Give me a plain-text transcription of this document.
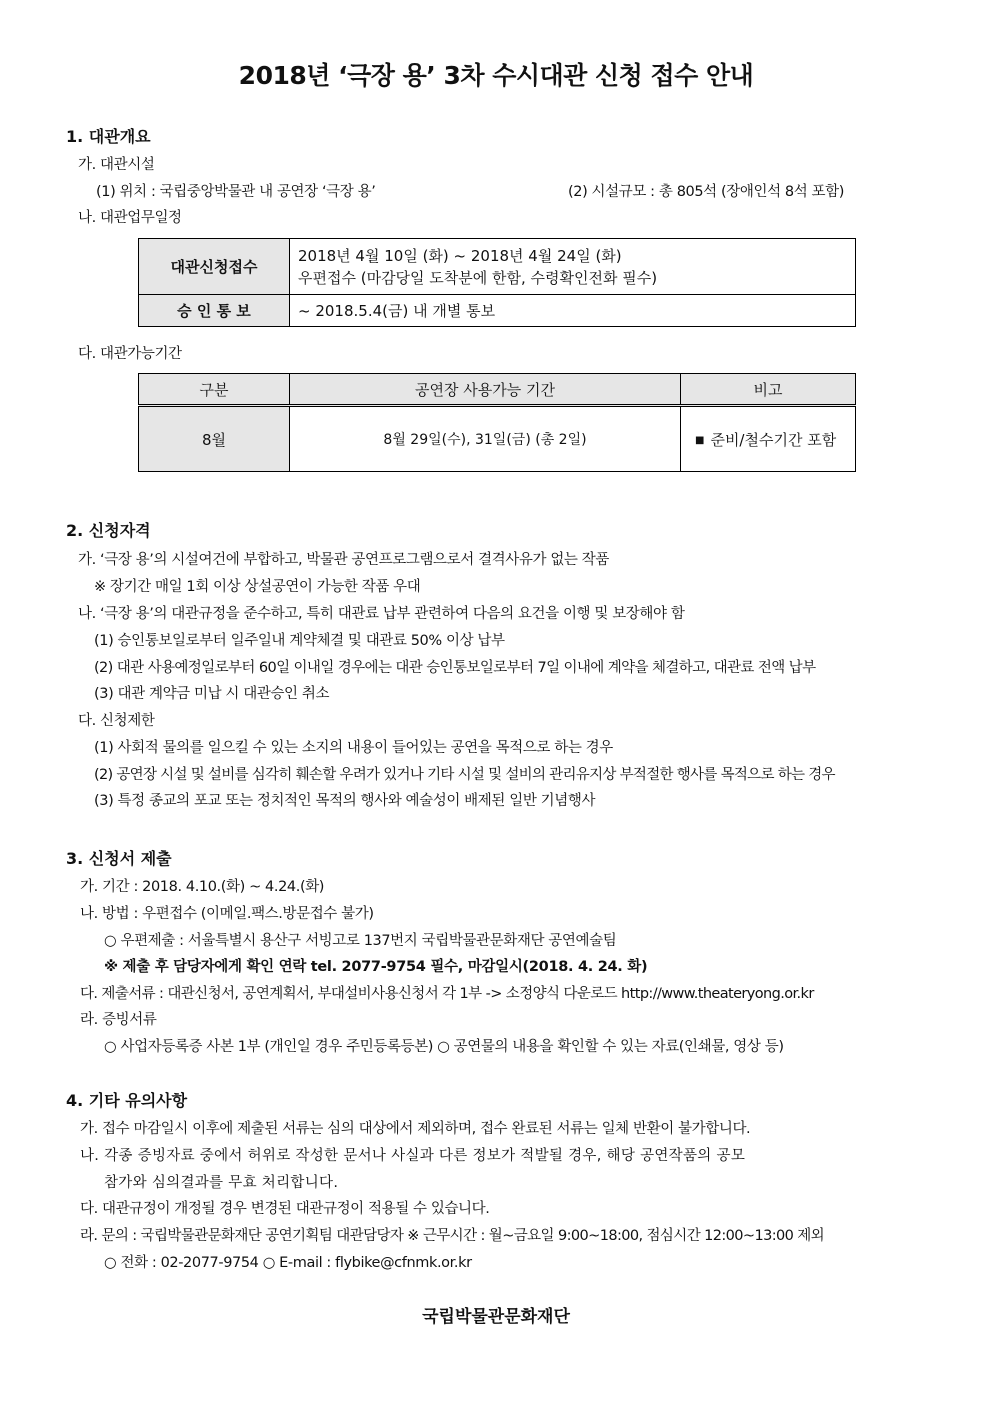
2018년 ‘극장 용’ 3차 수시대관 신청 접수 안내
1. 대관개요
가. 대관시설
(1) 위치 : 국립중앙박물관 내 공연장 ‘극장 용’	(2) 시설규모 : 총 805석 (장애인석 8석 포함)
나. 대관업무일정
대관신청접수	2018년 4월 10일 (화) ~ 2018년 4월 24일 (화)
우편접수 (마감당일 도착분에 한함, 수령확인전화 필수)

승 인 통 보	~ 2018.5.4(금) 내 개별 통보
다. 대관가능기간
구분	공연장 사용가능 기간	비고
8월	8월 29일(수), 31일(금) (총 2일)	■ 준비/철수기간 포함
2. 신청자격
가. ‘극장 용’의 시설여건에 부합하고, 박물관 공연프로그램으로서 결격사유가 없는 작품
※ 장기간 매일 1회 이상 상설공연이 가능한 작품 우대
나. ‘극장 용’의 대관규정을 준수하고, 특히 대관료 납부 관련하여 다음의 요건을 이행 및 보장해야 함
(1) 승인통보일로부터 일주일내 계약체결 및 대관료 50% 이상 납부
(2) 대관 사용예정일로부터 60일 이내일 경우에는 대관 승인통보일로부터 7일 이내에 계약을 체결하고, 대관료 전액 납부
(3) 대관 계약금 미납 시 대관승인 취소
다. 신청제한
(1) 사회적 물의를 일으킬 수 있는 소지의 내용이 들어있는 공연을 목적으로 하는 경우
(2) 공연장 시설 및 설비를 심각히 훼손할 우려가 있거나 기타 시설 및 설비의 관리유지상 부적절한 행사를 목적으로 하는 경우
(3) 특정 종교의 포교 또는 정치적인 목적의 행사와 예술성이 배제된 일반 기념행사
3. 신청서 제출
가. 기간 : 2018. 4.10.(화) ~ 4.24.(화)
나. 방법 : 우편접수 (이메일.팩스.방문접수 불가)
○ 우편제출 : 서울특별시 용산구 서빙고로 137번지 국립박물관문화재단 공연예술팀
※ 제출 후 담당자에게 확인 연락 tel. 2077-9754 필수, 마감일시(2018. 4. 24. 화)
다. 제출서류 : 대관신청서, 공연계획서, 부대설비사용신청서 각 1부 -> 소정양식 다운로드 http://www.theateryong.or.kr
라. 증빙서류
○ 사업자등록증 사본 1부 (개인일 경우 주민등록등본) ○ 공연물의 내용을 확인할 수 있는 자료(인쇄물, 영상 등)
4. 기타 유의사항
가. 접수 마감일시 이후에 제출된 서류는 심의 대상에서 제외하며, 접수 완료된 서류는 일체 반환이 불가합니다.
나. 각종 증빙자료 중에서 허위로 작성한 문서나 사실과 다른 정보가 적발될 경우, 해당 공연작품의 공모
참가와 심의결과를 무효 처리합니다.
다. 대관규정이 개정될 경우 변경된 대관규정이 적용될 수 있습니다.
라. 문의 : 국립박물관문화재단 공연기획팀 대관담당자 ※ 근무시간 : 월~금요일 9:00~18:00, 점심시간 12:00~13:00 제외
○ 전화 : 02-2077-9754 ○ E-mail : flybike@cfnmk.or.kr
국립박물관문화재단
